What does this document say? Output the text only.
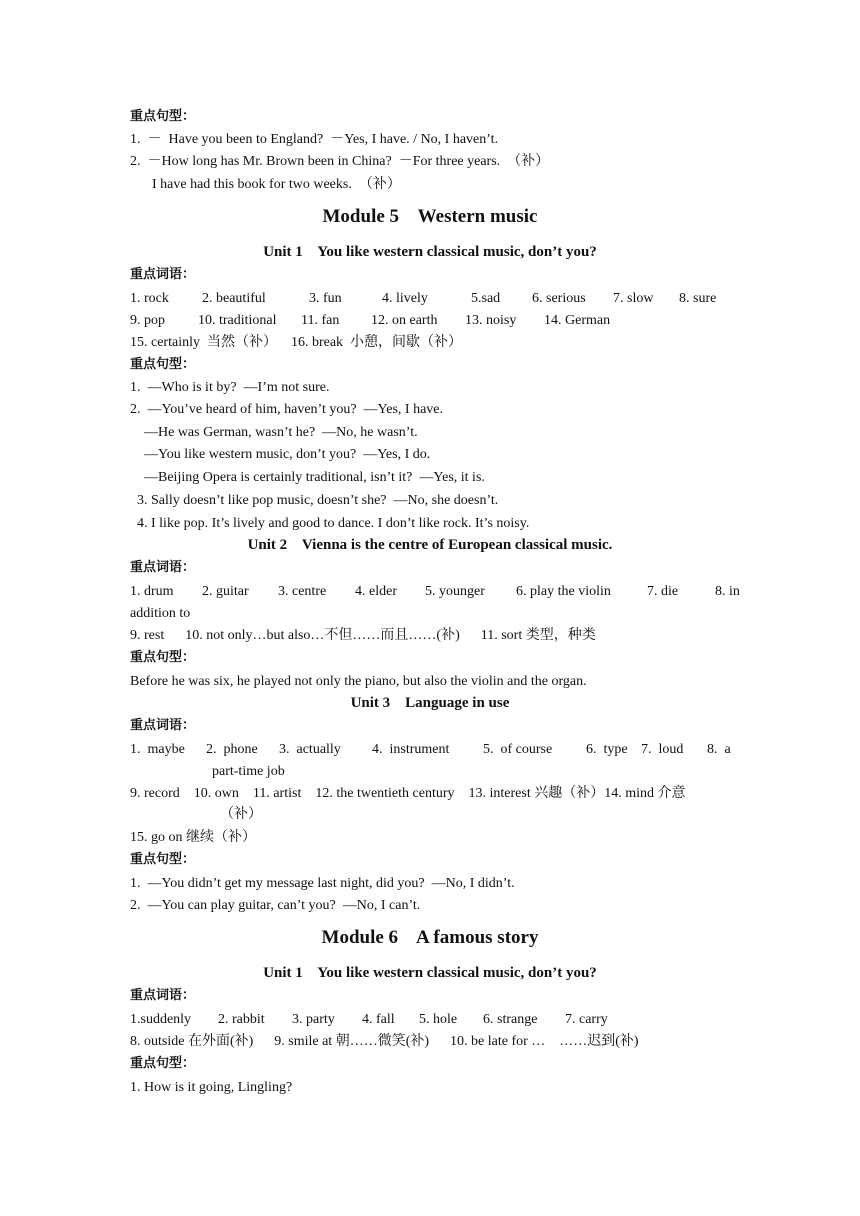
重点句型：
1.  －  Have you been to England?  －Yes, I have. / No, I haven’t.
2.  －How long has Mr. Brown been in China?  －For three years.  （补）
I have had this book for two weeks.  （补）
Module 5    Western music
Unit 1    You like western classical music, don’t you?
重点词语：
1. rock 2. beautiful	3. fun	4. lively	5.sad 6. serious 7. slow 8. sure
9. pop 10. traditional 11. fan 12. on earth 13. noisy 14. German
15. certainly  当然（补）    16. break  小憩，间歇（补）
重点句型：
1.  —Who is it by?  —I’m not sure.
2.  —You’ve heard of him, haven’t you?  —Yes, I have.
—He was German, wasn’t he?  —No, he wasn’t.
—You like western music, don’t you?  —Yes, I do.
—Beijing Opera is certainly traditional, isn’t it?  —Yes, it is.
3. Sally doesn’t like pop music, doesn’t she?  —No, she doesn’t.
4. I like pop. It’s lively and good to dance. I don’t like rock. It’s noisy.
Unit 2    Vienna is the centre of European classical music.
重点词语：
1. drum 2. guitar 3. centre 4. elder 5. younger 6. play the violin	7. die	8. in
addition to
9. rest      10. not only…but also…不但……而且……(补)      11. sort 类型，种类
重点句型：
Before he was six, he played not only the piano, but also the violin and the organ.
Unit 3    Language in use
重点词语：
1.  maybe 2.  phone 3.  actually 4.  instrument 5.  of course 6.  type 7.  loud 8.  a
part-time job
9. record    10. own    11. artist    12. the twentieth century    13. interest 兴趣（补）14. mind 介意
（补）
15. go on 继续（补）
重点句型：
1.  —You didn’t get my message last night, did you?  —No, I didn’t.
2.  —You can play guitar, can’t you?  —No, I can’t.
Module 6    A famous story
Unit 1    You like western classical music, don’t you?
重点词语：
1.suddenly 2. rabbit 3. party 4. fall 5. hole 6. strange 7. carry
8. outside 在外面(补)      9. smile at 朝……微笑(补)      10. be late for …    ……迟到(补)
重点句型：
1. How is it going, Lingling?
